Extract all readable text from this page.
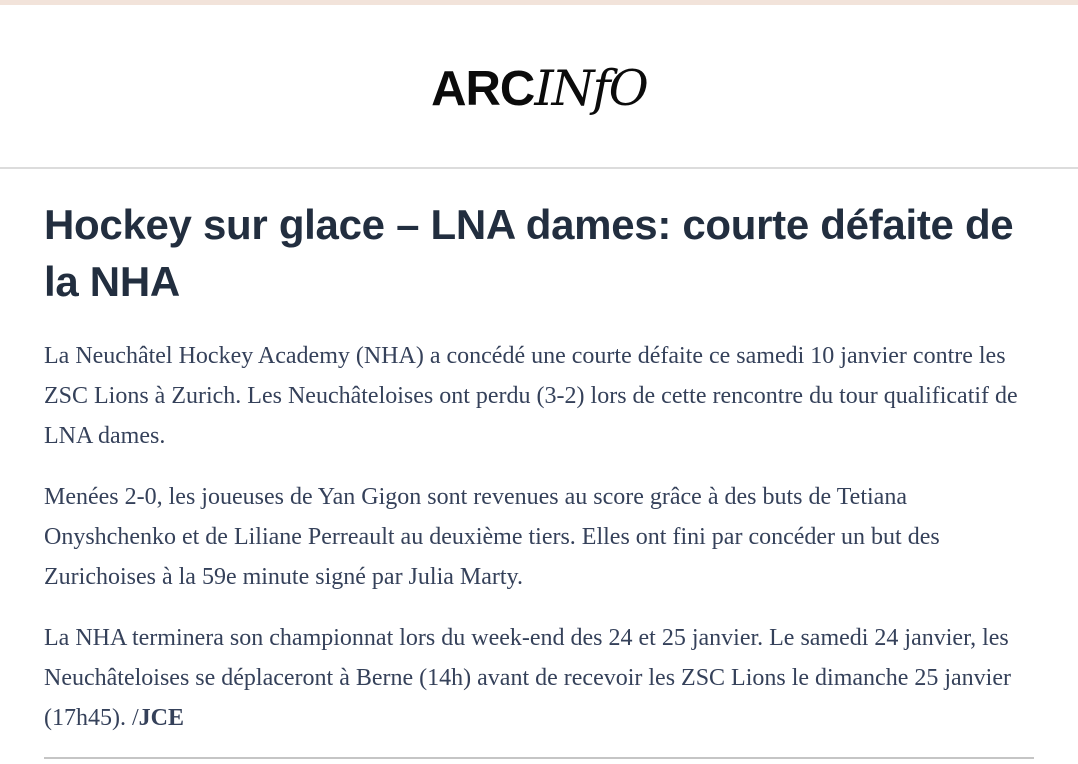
ARCINfO
Hockey sur glace – LNA dames: courte défaite de la NHA

La Neuchâtel Hockey Academy (NHA) a concédé une courte défaite ce samedi 10 janvier contre les ZSC Lions à Zurich. Les Neuchâteloises ont perdu (3-2) lors de cette rencontre du tour qualificatif de LNA dames.

Menées 2-0, les joueuses de Yan Gigon sont revenues au score grâce à des buts de Tetiana Onyshchenko et de Liliane Perreault au deuxième tiers. Elles ont fini par concéder un but des Zurichoises à la 59e minute signé par Julia Marty.

La NHA terminera son championnat lors du week-end des 24 et 25 janvier. Le samedi 24 janvier, les Neuchâteloises se déplaceront à Berne (14h) avant de recevoir les ZSC Lions le dimanche 25 janvier (17h45). /JCE
